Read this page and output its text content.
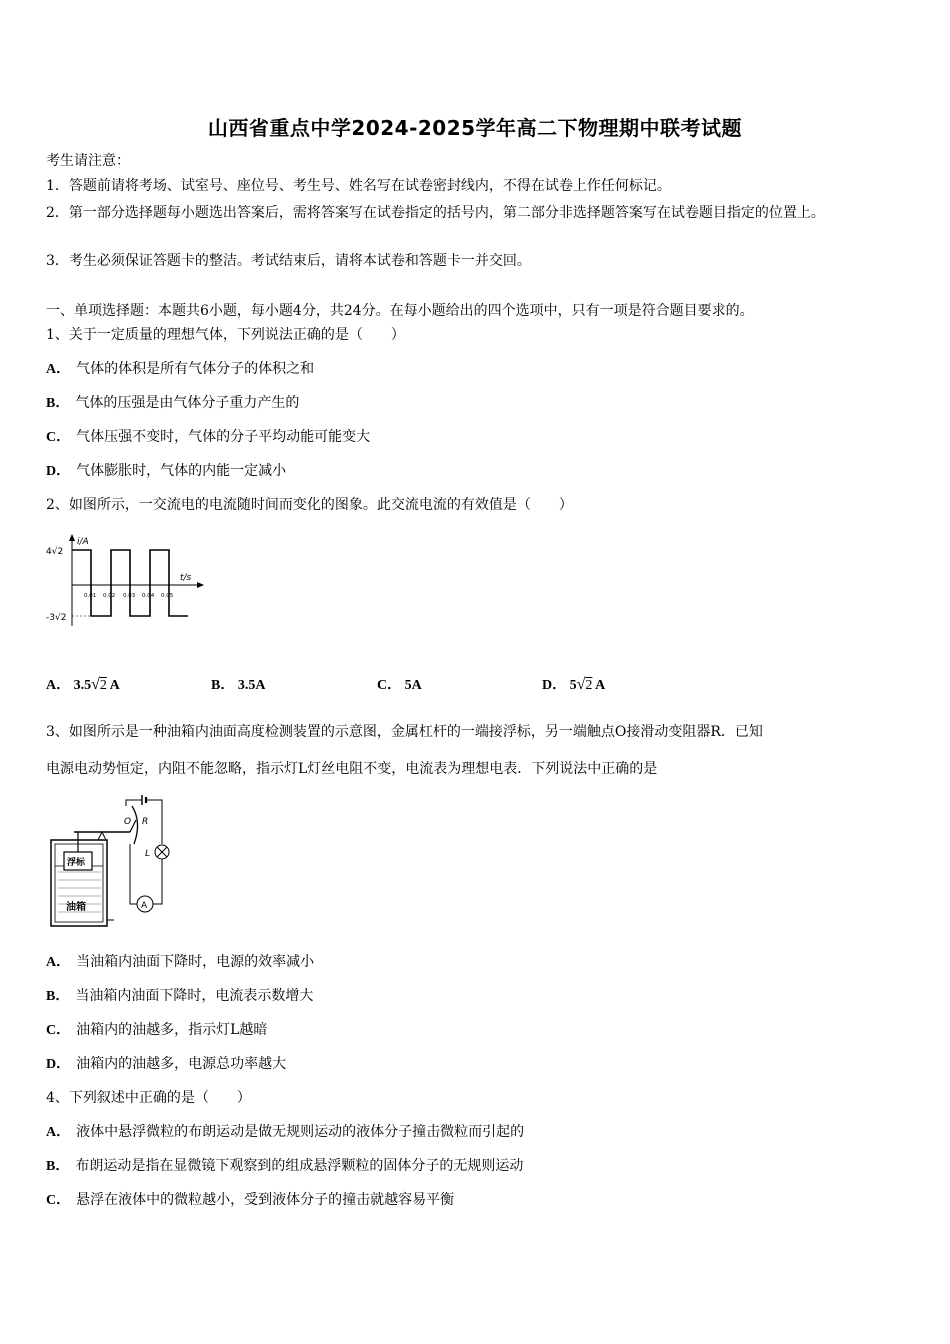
山西省重点中学2024-2025学年高二下物理期中联考试题
考生请注意：
1．答题前请将考场、试室号、座位号、考生号、姓名写在试卷密封线内，不得在试卷上作任何标记。
2．第一部分选择题每小题选出答案后，需将答案写在试卷指定的括号内，第二部分非选择题答案写在试卷题目指定的位置上。
3．考生必须保证答题卡的整洁。考试结束后，请将本试卷和答题卡一并交回。
一、单项选择题：本题共6小题，每小题4分，共24分。在每小题给出的四个选项中，只有一项是符合题目要求的。
1、关于一定质量的理想气体，下列说法正确的是（　　）
A． 气体的体积是所有气体分子的体积之和
B． 气体的压强是由气体分子重力产生的
C． 气体压强不变时，气体的分子平均动能可能变大
D． 气体膨胀时，气体的内能一定减小
2、如图所示，一交流电的电流随时间而变化的图象。此交流电流的有效值是（　　）
i/A
t/s
4√2
-3√2
0.01 0.02 0.03 0.04 0.05
A． 3.5√2 A	B． 3.5A	C． 5A	D． 5√2 A
3、如图所示是一种油箱内油面高度检测装置的示意图，金属杠杆的一端接浮标，另一端触点O接滑动变阻器R．已知
电源电动势恒定，内阻不能忽略，指示灯L灯丝电阻不变，电流表为理想电表．下列说法中正确的是
浮标
油箱
O R
L
A
A． 当油箱内油面下降时，电源的效率减小
B． 当油箱内油面下降时，电流表示数增大
C． 油箱内的油越多，指示灯L越暗
D． 油箱内的油越多，电源总功率越大
4、下列叙述中正确的是（　　）
A． 液体中悬浮微粒的布朗运动是做无规则运动的液体分子撞击微粒而引起的
B． 布朗运动是指在显微镜下观察到的组成悬浮颗粒的固体分子的无规则运动
C． 悬浮在液体中的微粒越小，受到液体分子的撞击就越容易平衡
